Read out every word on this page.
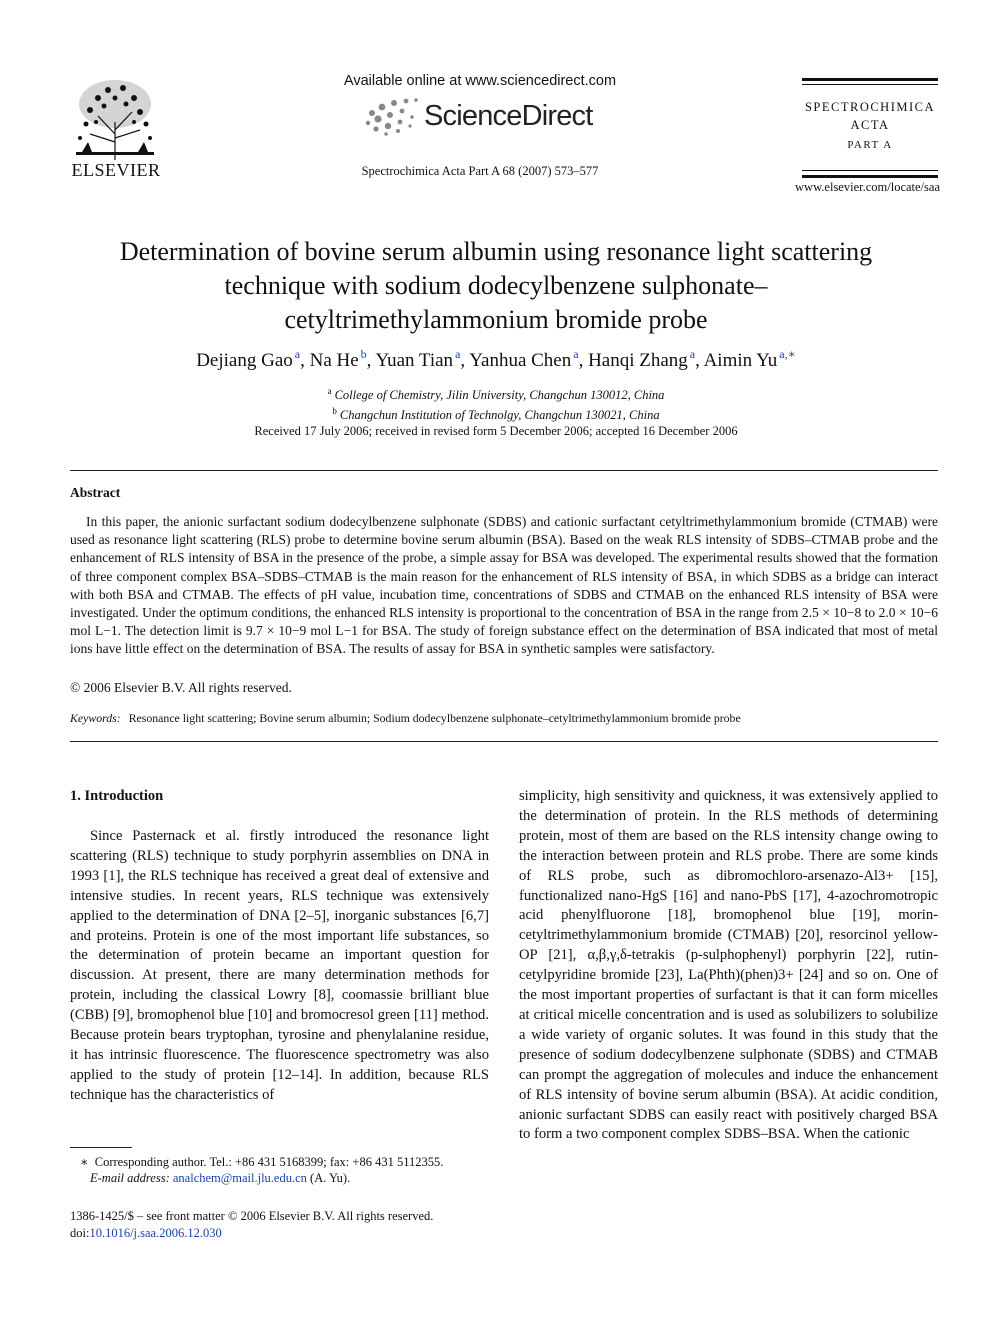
ELSEVIER
Available online at www.sciencedirect.com
ScienceDirect
Spectrochimica Acta Part A 68 (2007) 573–577
SPECTROCHIMICA
ACTA
PART A
www.elsevier.com/locate/saa
Determination of bovine serum albumin using resonance light scattering technique with sodium dodecylbenzene sulphonate–cetyltrimethylammonium bromide probe
Dejiang Gao $^a$, Na He $^b$, Yuan Tian $^a$, Yanhua Chen $^a$, Hanqi Zhang $^a$, Aimin Yu $^{a,∗}$
$^a$ College of Chemistry, Jilin University, Changchun 130012, China
$^b$ Changchun Institution of Technolgy, Changchun 130021, China
Received 17 July 2006; received in revised form 5 December 2006; accepted 16 December 2006
Abstract
In this paper, the anionic surfactant sodium dodecylbenzene sulphonate (SDBS) and cationic surfactant cetyltrimethylammonium bromide (CTMAB) were used as resonance light scattering (RLS) probe to determine bovine serum albumin (BSA). Based on the weak RLS intensity of SDBS–CTMAB probe and the enhancement of RLS intensity of BSA in the presence of the probe, a simple assay for BSA was developed. The experimental results showed that the formation of three component complex BSA–SDBS–CTMAB is the main reason for the enhancement of RLS intensity of BSA, in which SDBS as a bridge can interact with both BSA and CTMAB. The effects of pH value, incubation time, concentrations of SDBS and CTMAB on the enhanced RLS intensity of BSA were investigated. Under the optimum conditions, the enhanced RLS intensity is proportional to the concentration of BSA in the range from 2.5 × 10−8 to 2.0 × 10−6 mol L−1. The detection limit is 9.7 × 10−9 mol L−1 for BSA. The study of foreign substance effect on the determination of BSA indicated that most of metal ions have little effect on the determination of BSA. The results of assay for BSA in synthetic samples were satisfactory.
© 2006 Elsevier B.V. All rights reserved.
Keywords: Resonance light scattering; Bovine serum albumin; Sodium dodecylbenzene sulphonate–cetyltrimethylammonium bromide probe
1. Introduction
Since Pasternack et al. firstly introduced the resonance light scattering (RLS) technique to study porphyrin assemblies on DNA in 1993 [1], the RLS technique has received a great deal of extensive and intensive studies. In recent years, RLS technique was extensively applied to the determination of DNA [2–5], inorganic substances [6,7] and proteins. Protein is one of the most important life substances, so the determination of protein became an important question for discussion. At present, there are many determination methods for protein, including the classical Lowry [8], coomassie brilliant blue (CBB) [9], bromophenol blue [10] and bromocresol green [11] method. Because protein bears tryptophan, tyrosine and phenylalanine residue, it has intrinsic fluorescence. The fluorescence spectrometry was also applied to the study of protein [12–14]. In addition, because RLS technique has the characteristics of
simplicity, high sensitivity and quickness, it was extensively applied to the determination of protein. In the RLS methods of determining protein, most of them are based on the RLS intensity change owing to the interaction between protein and RLS probe. There are some kinds of RLS probe, such as dibromochloro-arsenazo-Al3+ [15], functionalized nano-HgS [16] and nano-PbS [17], 4-azochromotropic acid phenylfluorone [18], bromophenol blue [19], morin-cetyltrimethylammonium bromide (CTMAB) [20], resorcinol yellow-OP [21], α,β,γ,δ-tetrakis (p-sulphophenyl) porphyrin [22], rutin-cetylpyridine bromide [23], La(Phth)(phen)3+ [24] and so on. One of the most important properties of surfactant is that it can form micelles at critical micelle concentration and is used as solubilizers to solubilize a wide variety of organic solutes. It was found in this study that the presence of sodium dodecylbenzene sulphonate (SDBS) and CTMAB can prompt the aggregation of molecules and induce the enhancement of RLS intensity of bovine serum albumin (BSA). At acidic condition, anionic surfactant SDBS can easily react with positively charged BSA to form a two component complex SDBS–BSA. When the cationic
∗ Corresponding author. Tel.: +86 431 5168399; fax: +86 431 5112355.
E-mail address: analchem@mail.jlu.edu.cn (A. Yu).
1386-1425/$ – see front matter © 2006 Elsevier B.V. All rights reserved.
doi:10.1016/j.saa.2006.12.030
